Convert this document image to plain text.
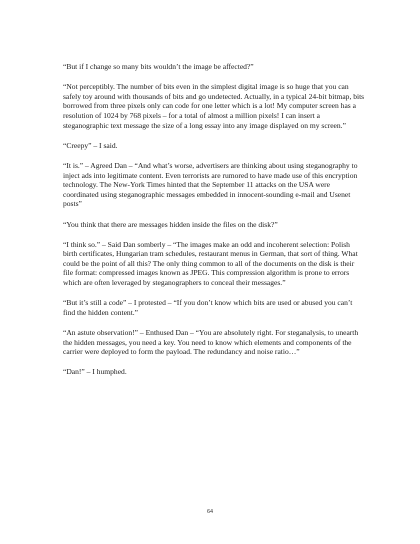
“But if I change so many bits wouldn’t the image be affected?”

“Not perceptibly. The number of bits even in the simplest digital image is so huge that you can safely toy around with thousands of bits and go undetected. Actually, in a typical 24-bit bitmap, bits borrowed from three pixels only can code for one letter which is a lot! My computer screen has a resolution of 1024 by 768 pixels – for a total of almost a million pixels! I can insert a steganographic text message the size of a long essay into any image displayed on my screen.”

“Creepy” – I said.

“It is.” – Agreed Dan – “And what’s worse, advertisers are thinking about using steganography to inject ads into legitimate content. Even terrorists are rumored to have made use of this encryption technology. The New-York Times hinted that the September 11 attacks on the USA were coordinated using steganographic messages embedded in innocent-sounding e-mail and Usenet posts”

“You think that there are messages hidden inside the files on the disk?”

“I think so.” – Said Dan somberly – “The images make an odd and incoherent selection: Polish birth certificates, Hungarian tram schedules, restaurant menus in German, that sort of thing. What could be the point of all this? The only thing common to all of the documents on the disk is their file format: compressed images known as JPEG. This compression algorithm is prone to errors which are often leveraged by steganographers to conceal their messages.”

“But it’s still a code” – I protested – “If you don’t know which bits are used or abused you can’t find the hidden content.”

“An astute observation!” – Enthused Dan – “You are absolutely right. For steganalysis, to unearth the hidden messages, you need a key. You need to know which elements and components of the carrier were deployed to form the payload. The redundancy and noise ratio…”

“Dan!” – I humphed.

64
